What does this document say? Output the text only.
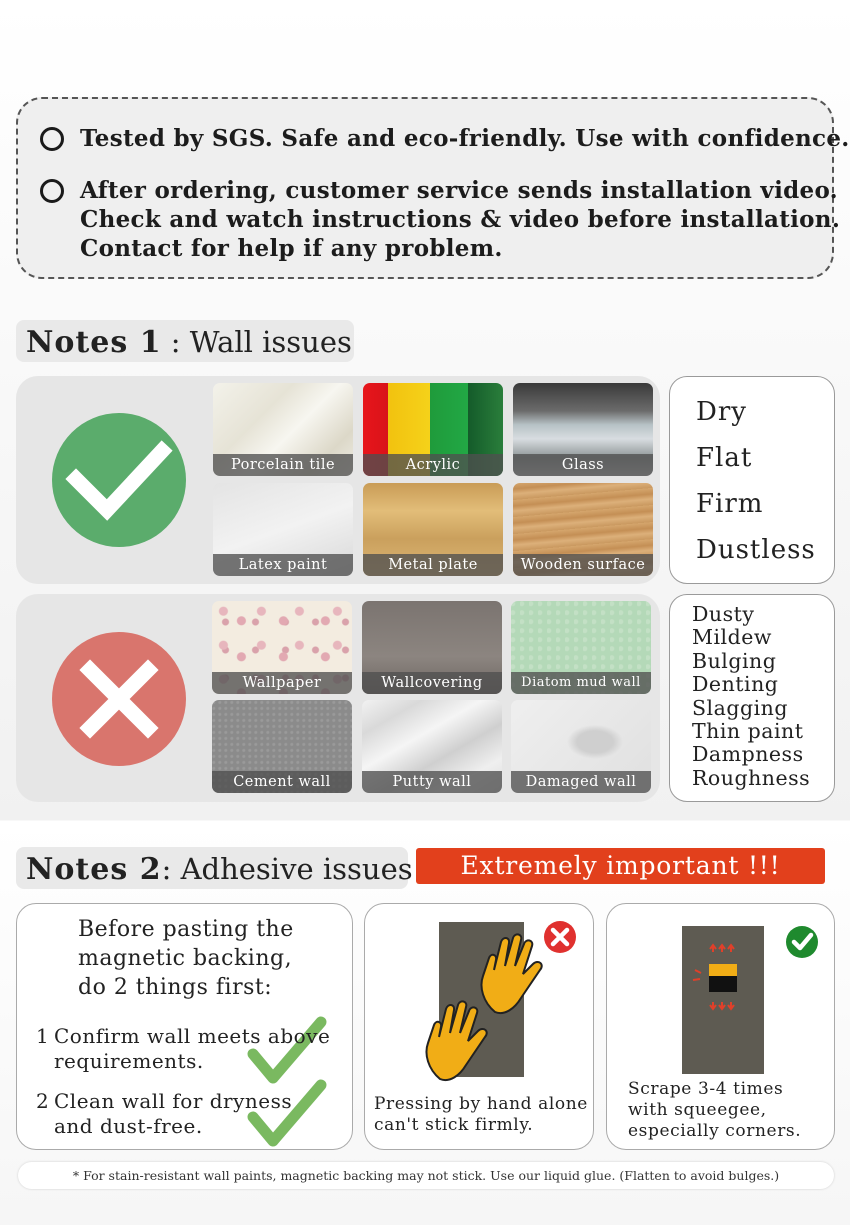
Tested by SGS. Safe and eco-friendly. Use with confidence.
After ordering, customer service sends installation video.
Check and watch instructions & video before installation.
Contact for help if any problem.
Notes 1 : Wall issues
Porcelain tile	Acrylic	Glass
Latex paint	Metal plate	Wooden surface
Dry
Flat
Firm
Dustless
Wallpaper	Wallcovering	Diatom mud wall
Cement wall	Putty wall	Damaged wall
Dusty
Mildew
Bulging
Denting
Slagging
Thin paint
Dampness
Roughness
Notes 2: Adhesive issues	Extremely important !!!
Before pasting the
magnetic backing,
do 2 things first:
1 Confirm wall meets above
requirements.
2 Clean wall for dryness
and dust-free.
Pressing by hand alone
can't stick firmly.
Scrape 3-4 times
with squeegee,
especially corners.
* For stain-resistant wall paints, magnetic backing may not stick. Use our liquid glue. (Flatten to avoid bulges.)
